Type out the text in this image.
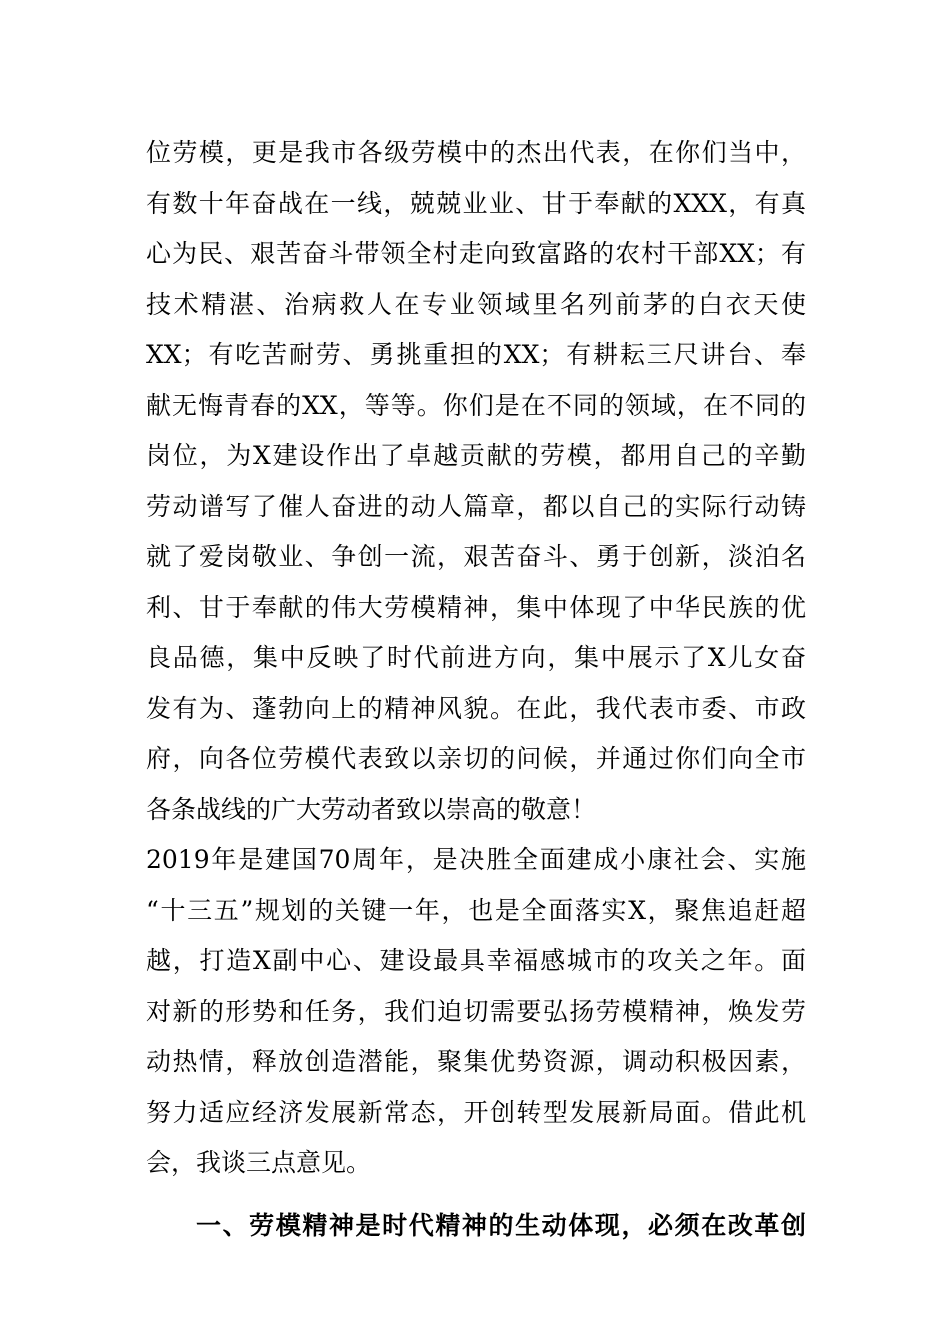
位劳模，更是我市各级劳模中的杰出代表，在你们当中，
有数十年奋战在一线，兢兢业业、甘于奉献的XXX，有真
心为民、艰苦奋斗带领全村走向致富路的农村干部XX；有
技术精湛、治病救人在专业领域里名列前茅的白衣天使
XX；有吃苦耐劳、勇挑重担的XX；有耕耘三尺讲台、奉
献无悔青春的XX，等等。你们是在不同的领域，在不同的
岗位，为X建设作出了卓越贡献的劳模，都用自己的辛勤
劳动谱写了催人奋进的动人篇章，都以自己的实际行动铸
就了爱岗敬业、争创一流，艰苦奋斗、勇于创新，淡泊名
利、甘于奉献的伟大劳模精神，集中体现了中华民族的优
良品德，集中反映了时代前进方向，集中展示了X儿女奋
发有为、蓬勃向上的精神风貌。在此，我代表市委、市政
府，向各位劳模代表致以亲切的问候，并通过你们向全市
各条战线的广大劳动者致以崇高的敬意！
2019年是建国70周年，是决胜全面建成小康社会、实施
“十三五”规划的关键一年，也是全面落实X，聚焦追赶超
越，打造X副中心、建设最具幸福感城市的攻关之年。面
对新的形势和任务，我们迫切需要弘扬劳模精神，焕发劳
动热情，释放创造潜能，聚集优势资源，调动积极因素，
努力适应经济发展新常态，开创转型发展新局面。借此机
会，我谈三点意见。
一、劳模精神是时代精神的生动体现，必须在改革创
